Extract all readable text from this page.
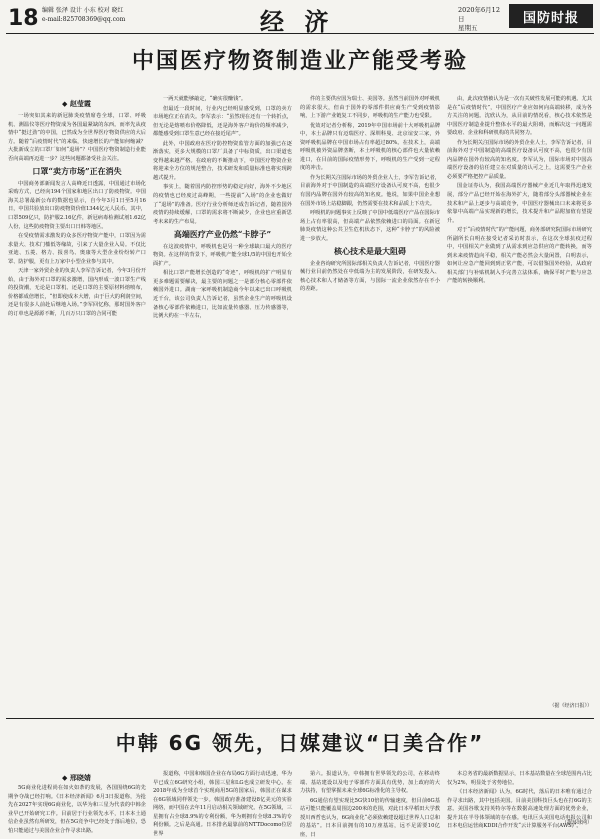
18 编辑 张泽 设计 小东 校对 晓红
e-mail:825708369@qq.com	经 济	2020年6月12日
星期五
国防时报
中国医疗物资制造业产能受考验
◆ 赵莹霞

一场突如其来的新冠肺炎疫情席卷全球，口罩、呼吸机、测温仪等医疗物资成为各国最紧缺的东西。而率先从疫情中“挺过劲”的中国，已然成为全世界医疗物资供应的大后方。随着“后疫情时代”的来临，快速增长的产能如何缩减？大批新成立的口罩厂如何“退场”？中国医疗物资制造行业能否向高端再迈进一步？这些问题都备受社会关注。

口罩“卖方市场”正在消失

中国商务部新闻发言人高峰近日透露，中国通过市场化采购方式，已经向194个国家和地区出口了防疫物资。中国海关总署最新公布的数据也显示，自今年3月1日至5月16日，中国共验放出口防疫物资价值1344亿元人民币。其中，口罩509亿只，防护服2.16亿件，新冠病毒检测试剂1.62亿人份，这些防疫物资主要出口日韩等地区。

在受疫情需求激发的众多医疗物资产能中，口罩因为需求量大、技术门槛低等缘故，引来了大量企业入局。不仅比亚迪、五菱、格力、报喜鸟、奥康等大型企业纷纷转产口罩、防护服，更有上万家中小型企业参与其中。

天津一家外贸企业的负责人李军告诉记者，今年3月份开始，由于海外对口罩的需求激增，国内形成一波口罩生产线的投资潮，无论是口罩机、还是口罩的主要原材料熔喷布，价格都成倍增长，“但即使成本大增，由于巨大的利润空间，还是有很多人前赴后继地入场。”李军回忆称，那时国外客户的订单也是源源不断，几百万只口罩的合同可能

一两天就能够敲定，“确实很赚钱”。

但最近一段时间，行业内已经明显感受到，口罩的卖方市场地位正在消失。李军表示：“虽然现在还有一个转折点，但无论是熔喷布价格降低，还是海外客户询价的频率减少，都能感受到口罩生意已经在接近尾声”。

此外，中国政府在医疗防控物资监管方面的加强已在逐渐落实，更多大规模的口罩厂具备了中标资质，出口渠道也变得越来越严格。在政府的不断推动下，中国医疗物资企业将迎来全方位的规范整合，技术研发和质量标准也将实现跨越式提升。

事实上，随着国内防控形势的稳定向好，海外不少地区的疫情也已经度过高峰期，一些提前“入场”的企业也做好了“退场”的准备。医疗行业分析师还成告诉记者，随着国外疫情的持续缓解，口罩的需求将不断减少，企业也应重新思考未来的生产布局。

高端医疗产业仍然“卡脖子”

在这波疫情中，呼吸机也是另一种全球缺口最大的医疗物资。在这样的背景下，呼吸机产能全球1/5的中国也开始全面扩产。

相比口罩产能增长创造的“奇迹”，呼吸机的扩产明显有更多难题需要解决，最主要的问题之一是部分核心零部件依赖国外进口。湖南一家呼吸机制造商今年以来已出口呼吸机近千台，该公司负责人告诉记者，虽然企业生产的呼吸机设备核心零部件依赖进口，比如流量传感器、压力传感器等，比例大约在一半左右，

件的主要供应国为瑞士、美国等。虽然当前国外对呼吸机的需求很大，但由于国外的零部件供应商生产受到疫情影响，上下游产业链复工不同步，呼吸机的生产能力也受限。

优效对记者分析称，2019年中国市场前十大呼吸机品牌中，本土品牌只有迈瑞医疗、深圳科曼、北京谊安三家，外资呼吸机品牌在中国市场占有率超过80%。在技术上，高端呼吸机被外资品牌垄断，本土呼吸机的核心部件也大量依赖进口，在目前的国际疫情形势下，呼吸机的生产受到一定程度的冲击。

作为长期关注国际市场的外贸企业人士，李军告诉记者，目前海外对于中国制造的高端医疗设备认可度不高，也很少有国内品牌在国外有较高的知名度。他说，如果中国企业想在国外市场上站稳脚跟，仍然需要在技术和品质上下功夫。

呼吸机的问题事实上反映了中国中低端医疗产品在国际市场上占有率很高，但高端产品依然依赖进口的局面。在新冠肺炎疫情这种公共卫生危机状态下，这种“卡脖子”的风险被进一步放大。

核心技术是最大阻碍

企业咨询研究所国际部相关负责人告诉记者，中国医疗器械行业目前仍然处在中低端为主的发展阶段，在研发投入、核心技术和人才储备等方面，与国际一流企业依然存在不小的差距。

由，此次疫情被认为是一次有关破性发展可能的机遇。尤其是在“后疫情时代”，中国医疗产业应如何向高端转移，成为各方关注的问题。沈欣认为，从目前的情况看，核心技术依然是中国医疗制造业提升整体水平的最大阻碍，而解决这一问题需要政府、企业和科研机构的共同努力。

作为长期关注国际市场的外贸企业人士，李军告诉记者，目前海外对于中国制造的高端医疗设备认可度不高，也很少有国内品牌在国外有较高的知名度。李军认为，国际市场对中国高端医疗设备的信任建立在对质量的认可之上，这需要生产企业必须要严格把控产品质量。

国金证券认为，我国高端医疗器械产业近几年取得迅速发展，部分产品已经开始在海外扩大，随着部分头部器械企业在技术和产品上逐步与高端竞争，中国医疗器械出口未来将更多依靠中高端产品实现新的增长，技术提升和产品附加值有望提升。

对于“后疫情时代”的产能问题，商务部研究院国际市场研究所副所长白明在接受记者采访时表示，在这次全球抗疫过程中，中国相关产业做到了从需求到应急供应的产能转换，而等到未来疫情趋向平稳，相关产能必然会大量闲置，白明表示，如何让应急产能回到到正常产能，可以借鉴国外经验，从政府相关部门与补贴机制入手完善立法体系，确保平时产能与应急产能的转换顺利。

（据《经济日报》）
中韩 6G 领先，日媒建议“日美合作”
◆ 邢晓婧

5G商业化进程尚在如火如荼的发展，各国围绕6G的先期争夺战已经打响。《日本经济新闻》6月3日报道称，为抢先在2027年实现6G商业化，以华为和三星为代表的中韩企业早已开始研究工作。目前居于行业领先水平，日本本土通信企业虽然有所研发，但在5G竞争中已经处于落后地位，恐怕只能通过与美国企业合作寻求出路。

报道称，中国和韩国企业在布局6G方面行动迅速，华为早已成立6G研究小组，韩国三星和LG也成立研发中心。在2018年成为全球首个实现商用5G的国家后，韩国正在谋求在6G领域同样领先一步。韩国政府准备建设8亿美元的实验网络，而中国在去年11月启动相关领域研究。在5G领域，三星拥有占全球8.9%的专利份额，华为则拥有全球8.3%的专利份额。之后是高通。日本排名最靠前的NTTDocomo位居世界

第六。报道认为，中韩拥有世界领先的公司，在移动终端、基站建设以及电子零部件方面具有优势，加上政府的大力扶持，有望掌握未来全球6G标准化的主导权。

6G通信有望实现比5G快10倍的传输速度，但目前6G基站可能只能覆盖周围边200米的范围，对此日本早稻田大学教授川西哲也认为，6G商业化“必须依赖建设超过世界人口总和的基站”。日本目前拥有的10万座基站，远不足需要10亿座，日

本总务省的最新数据显示，日本基站数量在全球范围内占比仅为2%，明显处于劣势地位。

《日本经济新闻》认为，6G时代，落后的日本唯有通过合作寻求出路，其中包括美国。目前美国科技巨头也在打6G的主意。美国谷歌支持英特尔等在数据高速处理方面的优势企业，提升其在半导体领域的存在感。电讯巨头美国电话电报公司和日本电信运营商KDDI合作开发“云计算服务平台(AWS)”。

（据环球网）
